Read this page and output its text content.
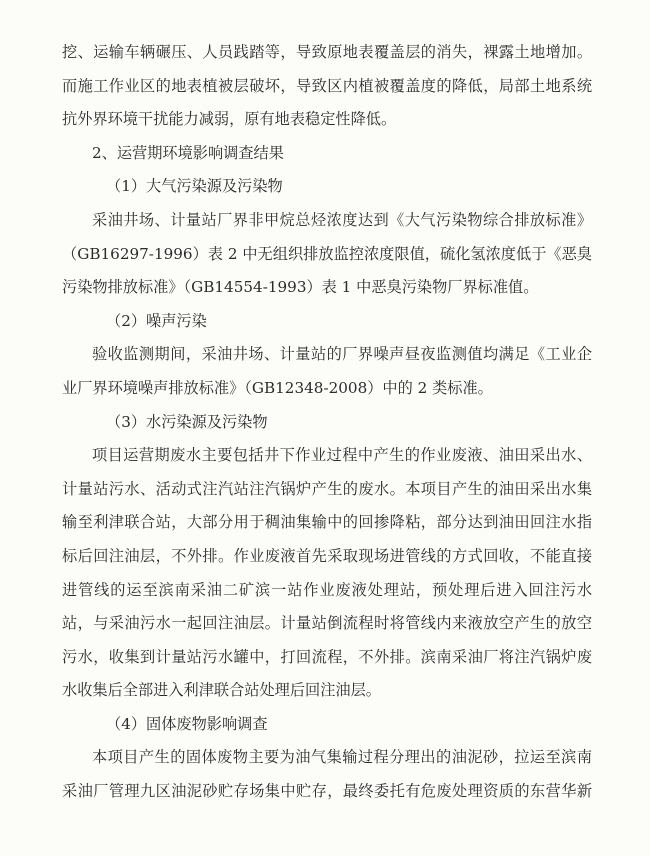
挖、运输车辆碾压、人员践踏等，导致原地表覆盖层的消失，裸露土地增加。
而施工作业区的地表植被层破坏，导致区内植被覆盖度的降低，局部土地系统
抗外界环境干扰能力减弱，原有地表稳定性降低。
2、运营期环境影响调查结果
（1）大气污染源及污染物
采油井场、计量站厂界非甲烷总烃浓度达到《大气污染物综合排放标准》
（GB16297-1996）表 2 中无组织排放监控浓度限值，硫化氢浓度低于《恶臭
污染物排放标准》（GB14554-1993）表 1 中恶臭污染物厂界标准值。
（2）噪声污染
验收监测期间，采油井场、计量站的厂界噪声昼夜监测值均满足《工业企
业厂界环境噪声排放标准》（GB12348-2008）中的 2 类标准。
（3）水污染源及污染物
项目运营期废水主要包括井下作业过程中产生的作业废液、油田采出水、
计量站污水、活动式注汽站注汽锅炉产生的废水。本项目产生的油田采出水集
输至利津联合站，大部分用于稠油集输中的回掺降粘，部分达到油田回注水指
标后回注油层，不外排。作业废液首先采取现场进管线的方式回收，不能直接
进管线的运至滨南采油二矿滨一站作业废液处理站，预处理后进入回注污水
站，与采油污水一起回注油层。计量站倒流程时将管线内来液放空产生的放空
污水，收集到计量站污水罐中，打回流程，不外排。滨南采油厂将注汽锅炉废
水收集后全部进入利津联合站处理后回注油层。
（4）固体废物影响调查
本项目产生的固体废物主要为油气集输过程分理出的油泥砂，拉运至滨南
采油厂管理九区油泥砂贮存场集中贮存，最终委托有危废处理资质的东营华新
